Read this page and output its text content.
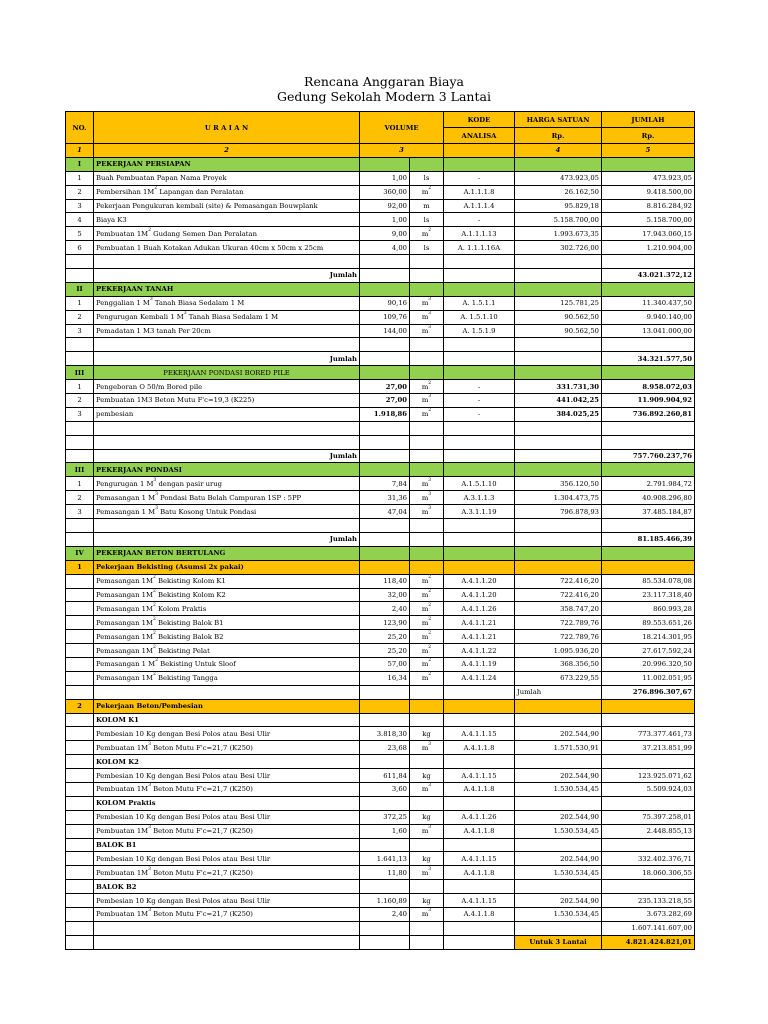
Rencana Anggaran Biaya
Gedung Sekolah Modern 3 Lantai
NO.	U R A I A N	VOLUME		KODE	HARGA SATUAN	JUMLAH
				ANALISA	Rp.	Rp.
1	2	3			4	5
I	PEKERJAAN PERSIAPAN					
1	Buah Pembuatan Papan Nama Proyek	1,00	ls	-	473.923,05	473.923,05
2	Pembersihan $1M^2$ Lapangan dan Peralatan	360,00	$m^2$	A.1.1.1.8	26.162,50	9.418.500,00
3	Pekerjaan Pengukuran kembali (site) & Pemasangan Bouwplank	92,00	m	A.1.1.1.4	95.829,18	8.816.284,92
4	Biaya K3	1,00	ls	-	5.158.700,00	5.158.700,00
5	Pembuatan $1M^2$ Gudang Semen Dan Peralatan	9,00	$m^2$	A.1.1.1.13	1.993.673,35	17.943.060,15
6	Pembuatan 1 Buah Kotakan Adukan Ukuran 40cm x 50cm x 25cm	4,00	ls	A. 1.1.1.16A	302.726,00	1.210.904,00

	Jumlah					43.021.372,12
II	PEKERJAAN TANAH					
1	Penggalian 1 $M^3$ Tanah Biasa Sedalam 1 M	90,16	$m^3$	A. 1.5.1.1	125.781,25	11.340.437,50
2	Pengurugan Kembali 1 $M^3$ Tanah Biasa Sedalam 1 M	109,76	$m^3$	A. 1.5.1.10	90.562,50	9.940.140,00
3	Pemadatan 1 M3 tanah Per 20cm	144,00	$m^3$	A. 1.5.1.9	90.562,50	13.041.000,00

	Jumlah					34.321.577,50
III	PEKERJAAN PONDASI BORED PILE					
1	Pengeboran O 50/m Bored pile	27,00	$m^2$	-	331.731,30	8.958.072,03
2	Pembuatan 1M3 Beton Mutu F'c=19,3 (K225)	27,00	$m^3$	-	441.042,25	11.909.904,92
3	pembesian	1.918,86	$m^2$	-	384.025,25	736.892.260,81

	Jumlah					757.760.237,76
III	PEKERJAAN PONDASI					
1	Pengurugan 1 $M^3$ dengan pasir urug	7,84	$m^3$	A.1.5.1.10	356.120,50	2.791.984,72
2	Pemasangan 1 $M^3$ Pondasi Batu Belah Campuran 1SP : 5PP	31,36	$m^3$	A.3.1.1.3	1.304.473,75	40.908.296,80
3	Pemasangan 1 $M^3$ Batu Kosong Untuk Pondasi	47,04	$m^3$	A.3.1.1.19	796.878,93	37.485.184,87

	Jumlah					81.185.466,39
IV	PEKERJAAN BETON BERTULANG					
1	Pekerjaan Bekisting (Asumsi 2x pakai)					
	Pemasangan $1M^2$ Bekisting Kolom K1	118,40	$m^2$	A.4.1.1.20	722.416,20	85.534.078,08
	Pemasangan $1M^2$ Bekisting Kolom K2	32,00	$m^2$	A.4.1.1.20	722.416,20	23.117.318,40
	Pemasangan $1M^2$ Kolom Praktis	2,40	$m^2$	A.4.1.1.26	358.747,20	860.993,28
	Pemasangan $1M^2$ Bekisting Balok B1	123,90	$m^2$	A.4.1.1.21	722.789,76	89.553.651,26
	Pemasangan $1M^2$ Bekisting Balok B2	25,20	$m^2$	A.4.1.1.21	722.789,76	18.214.301,95
	Pemasangan $1M^2$ Bekisting Pelat	25,20	$m^2$	A.4.1.1.22	1.095.936,20	27.617.592,24
	Pemasangan 1 $M^2$ Bekisting Untuk Sloof	57,00	$m^2$	A.4.1.1.19	368.356,50	20.996.320,50
	Pemasangan $1M^2$ Bekisting Tangga	16,34	$m^2$	A.4.1.1.24	673.229,55	11.002.051,95
					Jumlah	276.896.307,67
2	Pekerjaan Beton/Pembesian					
	KOLOM K1					
	Pembesian 10 Kg dengan Besi Polos atau Besi Ulir	3.818,30	kg	A.4.1.1.15	202.544,90	773.377.461,73
	Pembuatan $1M^3$ Beton Mutu F'c=21,7 (K250)	23,68	$m^3$	A.4.1.1.8	1.571.530,91	37.213.851,99
	KOLOM K2					
	Pembesian 10 Kg dengan Besi Polos atau Besi Ulir	611,84	kg	A.4.1.1.15	202.544,90	123.925.071,62
	Pembuatan $1M^3$ Beton Mutu F'c=21,7 (K250)	3,60	$m^3$	A.4.1.1.8	1.530.534,45	5.509.924,03
	KOLOM Praktis					
	Pembesian 10 Kg dengan Besi Polos atau Besi Ulir	372,25	kg	A.4.1.1.26	202.544,90	75.397.258,01
	Pembuatan $1M^3$ Beton Mutu F'c=21,7 (K250)	1,60	$m^3$	A.4.1.1.8	1.530.534,45	2.448.855,13
	BALOK B1					
	Pembesian 10 Kg dengan Besi Polos atau Besi Ulir	1.641,13	kg	A.4.1.1.15	202.544,90	332.402.376,71
	Pembuatan $1M^3$ Beton Mutu F'c=21,7 (K250)	11,80	$m^3$	A.4.1.1.8	1.530.534,45	18.060.306,55
	BALOK B2					
	Pembesian 10 Kg dengan Besi Polos atau Besi Ulir	1.160,89	kg	A.4.1.1.15	202.544,90	235.133.218,55
	Pembuatan $1M^3$ Beton Mutu F'c=21,7 (K250)	2,40	$m^3$	A.4.1.1.8	1.530.534,45	3.673.282,69
						1.607.141.607,00
					Untuk 3 Lantai	4.821.424.821,01
